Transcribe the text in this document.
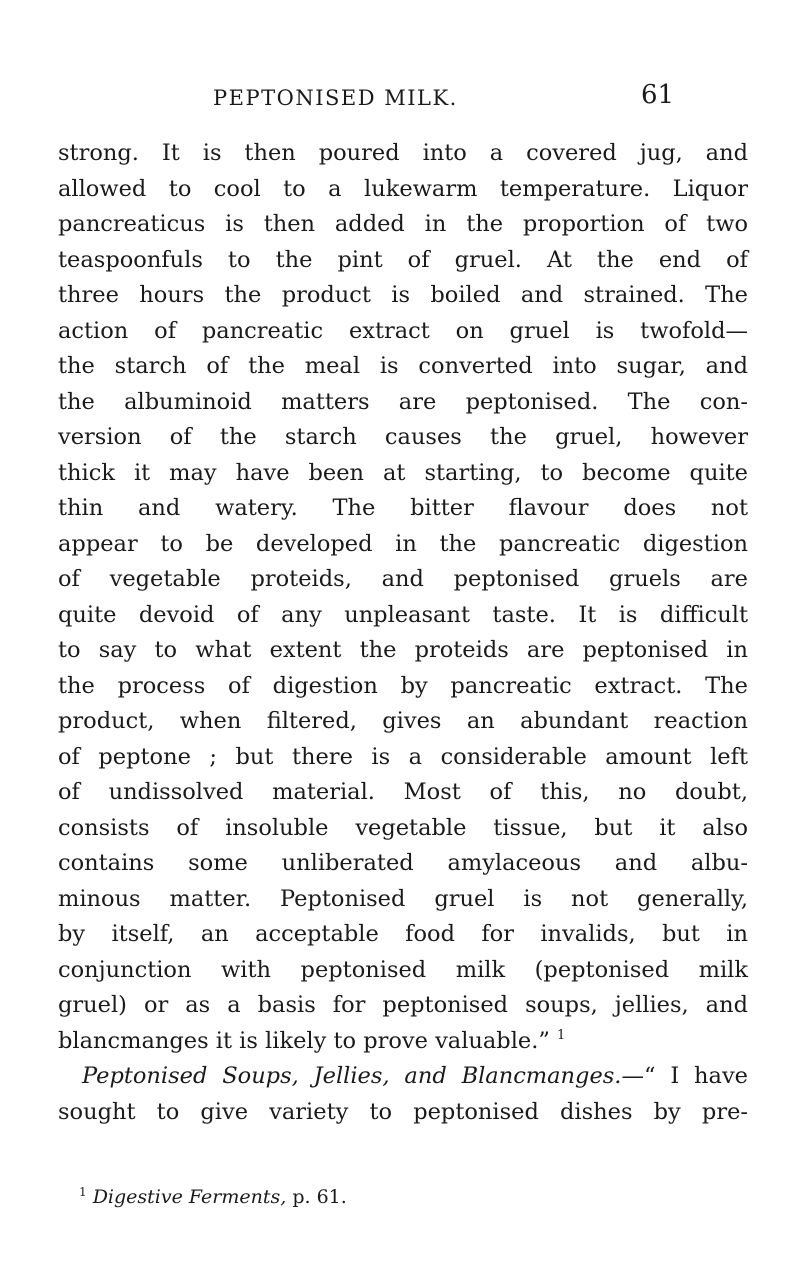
PEPTONISED MILK.	61
strong. It is then poured into a covered jug, and
allowed to cool to a lukewarm temperature. Liquor
pancreaticus is then added in the proportion of two
teaspoonfuls to the pint of gruel. At the end of
three hours the product is boiled and strained. The
action of pancreatic extract on gruel is twofold—
the starch of the meal is converted into sugar, and
the albuminoid matters are peptonised. The con-
version of the starch causes the gruel, however
thick it may have been at starting, to become quite
thin and watery. The bitter flavour does not
appear to be developed in the pancreatic digestion
of vegetable proteids, and peptonised gruels are
quite devoid of any unpleasant taste. It is difficult
to say to what extent the proteids are peptonised in
the process of digestion by pancreatic extract. The
product, when filtered, gives an abundant reaction
of peptone ; but there is a considerable amount left
of undissolved material. Most of this, no doubt,
consists of insoluble vegetable tissue, but it also
contains some unliberated amylaceous and albu-
minous matter. Peptonised gruel is not generally,
by itself, an acceptable food for invalids, but in
conjunction with peptonised milk (peptonised milk
gruel) or as a basis for peptonised soups, jellies, and
blancmanges it is likely to prove valuable.” $^1$
Peptonised Soups, Jellies, and Blancmanges.—“ I have
sought to give variety to peptonised dishes by pre-
$^1$ Digestive Ferments, p. 61.
